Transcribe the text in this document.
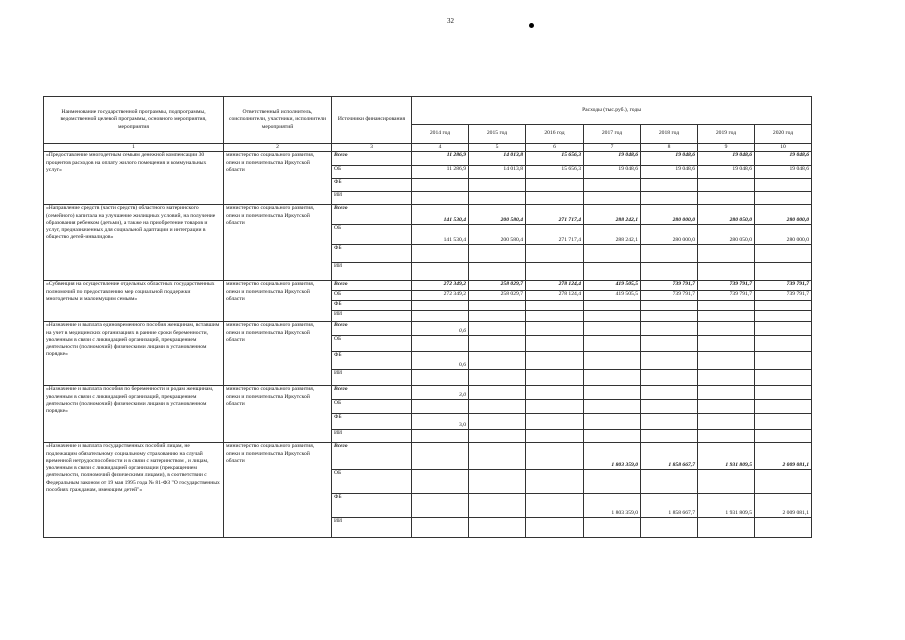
32
Наименование государственной программы, подпрограммы, ведомственной целевой программы, основного мероприятия, мероприятия	Ответственный исполнитель, соисполнители, участники, исполнители мероприятий	Источники финансирования	Расходы (тыс.руб.), годы						
			2014 год	2015 год	2016 год	2017 год	2018 год	2019 год	2020 год
1	2	3	4	5	6	7	8	9	10
«Предоставление многодетным семьям денежной компенсации 30 процентов расходов на оплату жилого помещения и коммунальных услуг»	министерство социального развития, опеки и попечительства Иркутской области	Всего	11 286,9	14 013,8	15 656,3	19 048,6	19 048,6	19 048,6	19 048,6
		ОБ	11 286,9	14 013,8	15 656,3	19 048,6	19 048,6	19 048,6	19 048,6
		ФБ							
		ИИ							
«Направление средств (части средств) областного материнского (семейного) капитала на улучшение жилищных условий, на получение образования ребенком (детьми), а также на приобретение товаров и услуг, предназначенных для социальной адаптации и интеграции в общество детей-инвалидов»	министерство социального развития, опеки и попечительства Иркутской области	Всего	141 530,4	200 580,4	271 717,4	288 242,1	280 000,0	280 050,0	280 000,0
		ОБ	141 530,4	200 580,4	271 717,4	288 242,1	280 000,0	280 050,0	280 000,0
		ФБ							
		ИИ							
«Субвенция на осуществление отдельных областных государственных полномочий по предоставлению мер социальной поддержки многодетным и малоимущим семьям»	министерство социального развития, опеки и попечительства Иркутской области	Всего	272 349,2	258 029,7	278 124,4	419 505,5	739 791,7	739 791,7	739 791,7
		ОБ	272 349,2	258 029,7	278 124,4	419 505,5	739 791,7	739 791,7	739 791,7
		ФБ							
		ИИ							
«Назначение и выплата единовременного пособия женщинам, вставшим на учет в медицинских организациях в ранние сроки беременности, уволенным в связи с ликвидацией организаций, прекращением деятельности (полномочий) физическими лицами в установленном порядке»	министерство социального развития, опеки и попечительства Иркутской области	Всего	0,6						
		ОБ							
		ФБ	0,6						
		ИИ							
«Назначение и выплата пособия по беременности и родам женщинам, уволенным в связи с ликвидацией организаций, прекращением деятельности (полномочий) физическими лицами в установленном порядке»	министерство социального развития, опеки и попечительства Иркутской области	Всего	3,0						
		ОБ							
		ФБ	3,0						
		ИИ							
«Назначение и выплата государственных пособий лицам, не подлежащим обязательному социальному страхованию на случай временной нетрудоспособности и в связи с материнством , и лицам, уволенным в связи с ликвидацией организации (прекращением деятельности, полномочий физическими лицами), в соответствии с Федеральным законом от 19 мая 1995 года № 81-ФЗ "О государственных пособиях гражданам, имеющим детей"»	министерство социального развития, опеки и попечительства Иркутской области	Всего				1 803 359,0	1 858 667,7	1 931 809,5	2 009 081,1
		ОБ							
		ФБ				1 803 359,0	1 858 667,7	1 931 809,5	2 009 081,1
		ИИ							
